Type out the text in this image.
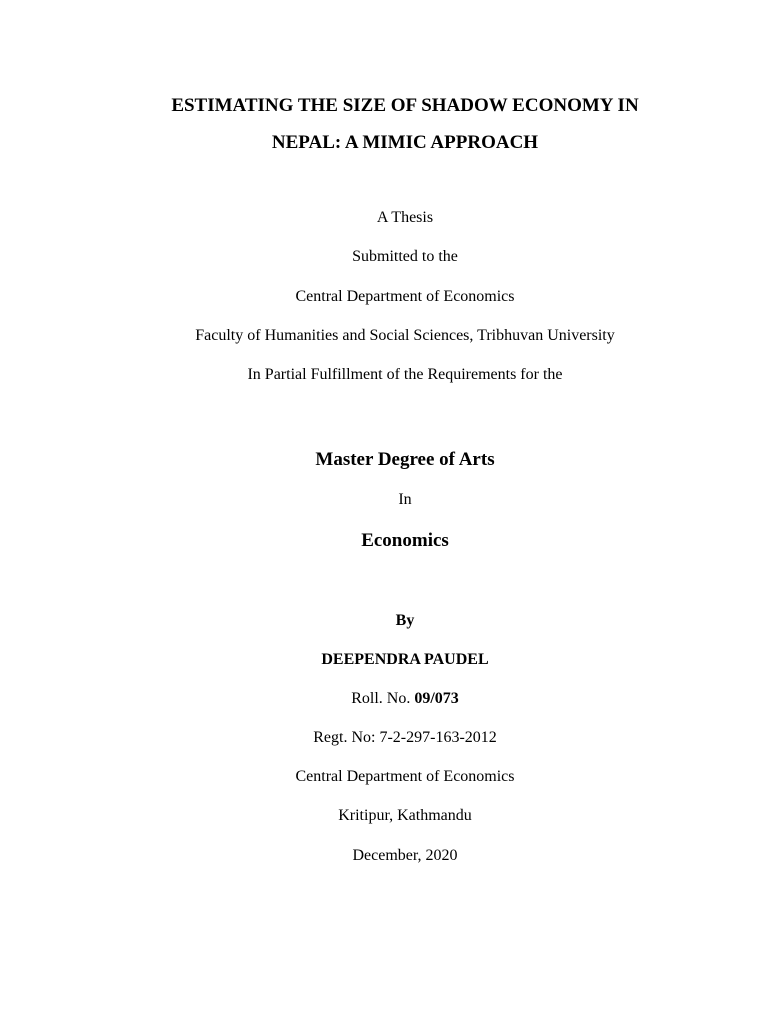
ESTIMATING THE SIZE OF SHADOW ECONOMY IN
NEPAL: A MIMIC APPROACH
A Thesis
Submitted to the
Central Department of Economics
Faculty of Humanities and Social Sciences, Tribhuvan University
In Partial Fulfillment of the Requirements for the
Master Degree of Arts
In
Economics
By
DEEPENDRA PAUDEL
Roll. No. 09/073
Regt. No: 7-2-297-163-2012
Central Department of Economics
Kritipur, Kathmandu
December, 2020
